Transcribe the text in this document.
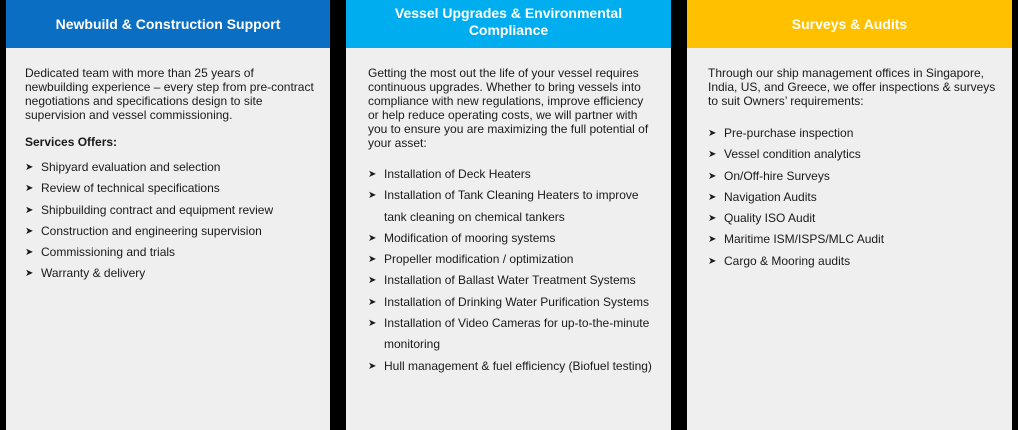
Newbuild & Construction Support

Dedicated team with more than 25 years of newbuilding experience – every step from pre-contract negotiations and specifications design to site supervision and vessel commissioning.

Services Offers:

➤ Shipyard evaluation and selection
➤ Review of technical specifications
➤ Shipbuilding contract and equipment review
➤ Construction and engineering supervision
➤ Commissioning and trials
➤ Warranty & delivery
Vessel Upgrades & Environmental Compliance

Getting the most out the life of your vessel requires continuous upgrades. Whether to bring vessels into compliance with new regulations, improve efficiency or help reduce operating costs, we will partner with you to ensure you are maximizing the full potential of your asset:

➤ Installation of Deck Heaters
➤ Installation of Tank Cleaning Heaters to improve tank cleaning on chemical tankers
➤ Modification of mooring systems
➤ Propeller modification / optimization
➤ Installation of Ballast Water Treatment Systems
➤ Installation of Drinking Water Purification Systems
➤ Installation of Video Cameras for up-to-the-minute monitoring
➤ Hull management & fuel efficiency (Biofuel testing)
Surveys & Audits

Through our ship management offices in Singapore, India, US, and Greece, we offer inspections & surveys to suit Owners’ requirements:

➤ Pre-purchase inspection
➤ Vessel condition analytics
➤ On/Off-hire Surveys
➤ Navigation Audits
➤ Quality ISO Audit
➤ Maritime ISM/ISPS/MLC Audit
➤ Cargo & Mooring audits
